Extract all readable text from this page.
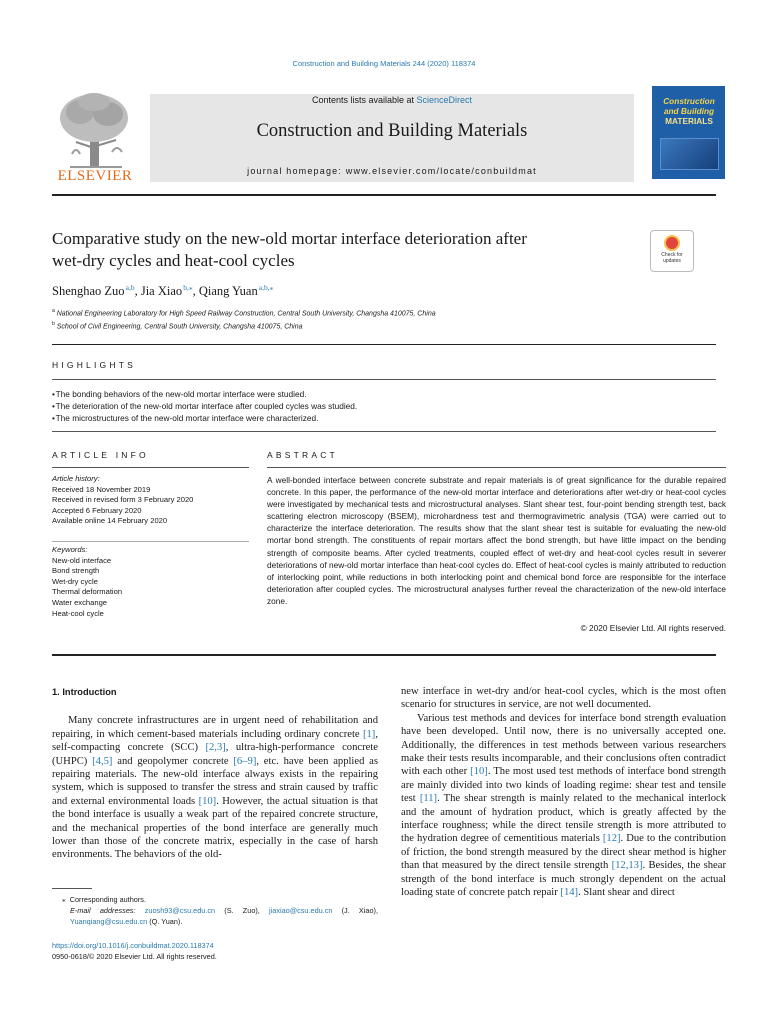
Construction and Building Materials 244 (2020) 118374
ELSEVIER
Contents lists available at ScienceDirect
Construction and Building Materials
journal homepage: www.elsevier.com/locate/conbuildmat
Construction
and Building
MATERIALS
Comparative study on the new-old mortar interface deterioration after
wet-dry cycles and heat-cool cycles	Check for
updates
Shenghao Zuo $^{a,b}$, Jia Xiao $^{b,⁎}$, Qiang Yuan $^{a,b,⁎}$
$^a$ National Engineering Laboratory for High Speed Railway Construction, Central South University, Changsha 410075, China
$^b$ School of Civil Engineering, Central South University, Changsha 410075, China
HIGHLIGHTS
• The bonding behaviors of the new-old mortar interface were studied.
• The deterioration of the new-old mortar interface after coupled cycles was studied.
• The microstructures of the new-old mortar interface were characterized.
ARTICLE INFO	ABSTRACT
Article history:
Received 18 November 2019
Received in revised form 3 February 2020
Accepted 6 February 2020
Available online 14 February 2020
Keywords:
New-old interface
Bond strength
Wet-dry cycle
Thermal deformation
Water exchange
Heat-cool cycle
A well-bonded interface between concrete substrate and repair materials is of great significance for the durable repaired concrete. In this paper, the performance of the new-old mortar interface and deteriorations after wet-dry or heat-cool cycles were investigated by mechanical tests and microstructural analyses. Slant shear test, four-point bending strength test, back scattering electron microscopy (BSEM), microhardness test and thermogravimetric analysis (TGA) were carried out to characterize the interface deterioration. The results show that the slant shear test is suitable for evaluating the new-old mortar bond strength. The constituents of repair mortars affect the bond strength, but have little impact on the bending strength of composite beams. After cycled treatments, coupled effect of wet-dry and heat-cool cycles result in severer deteriorations of new-old mortar interface than heat-cool cycles do. Effect of heat-cool cycles is mainly attributed to reduction of interlocking point, while reductions in both interlocking point and chemical bond force are responsible for the interface deterioration after coupled cycles. The microstructural analyses further reveal the characterization of the new-old interface zone.
© 2020 Elsevier Ltd. All rights reserved.
1. Introduction

Many concrete infrastructures are in urgent need of rehabilitation and repairing, in which cement-based materials including ordinary concrete [1], self-compacting concrete (SCC) [2,3], ultra-high-performance concrete (UHPC) [4,5] and geopolymer concrete [6–9], etc. have been applied as repairing materials. The new-old interface always exists in the repairing system, which is supposed to transfer the stress and strain caused by traffic and external environmental loads [10]. However, the actual situation is that the bond interface is usually a weak part of the repaired concrete structure, and the mechanical properties of the bond interface are generally much lower than those of the concrete matrix, especially in the case of harsh environments. The behaviors of the old-

new interface in wet-dry and/or heat-cool cycles, which is the most often scenario for structures in service, are not well documented.

Various test methods and devices for interface bond strength evaluation have been developed. Until now, there is no universally accepted one. Additionally, the differences in test methods between various researchers make their tests results incomparable, and their conclusions often contradict with each other [10]. The most used test methods of interface bond strength are mainly divided into two kinds of loading regime: shear test and tensile test [11]. The shear strength is mainly related to the mechanical interlock and the amount of hydration product, which is greatly affected by the interface roughness; while the direct tensile strength is more attributed to the hydration degree of cementitious materials [12]. Due to the contribution of friction, the bond strength measured by the direct shear method is higher than that measured by the direct tensile strength [12,13]. Besides, the shear strength of the bond interface is much strongly dependent on the actual loading state of concrete patch repair [14]. Slant shear and direct

⁎ Corresponding authors.
E-mail addresses: zuosh93@csu.edu.cn (S. Zuo), jiaxiao@csu.edu.cn (J. Xiao), Yuanqiang@csu.edu.cn (Q. Yuan).
https://doi.org/10.1016/j.conbuildmat.2020.118374
0950-0618/© 2020 Elsevier Ltd. All rights reserved.
